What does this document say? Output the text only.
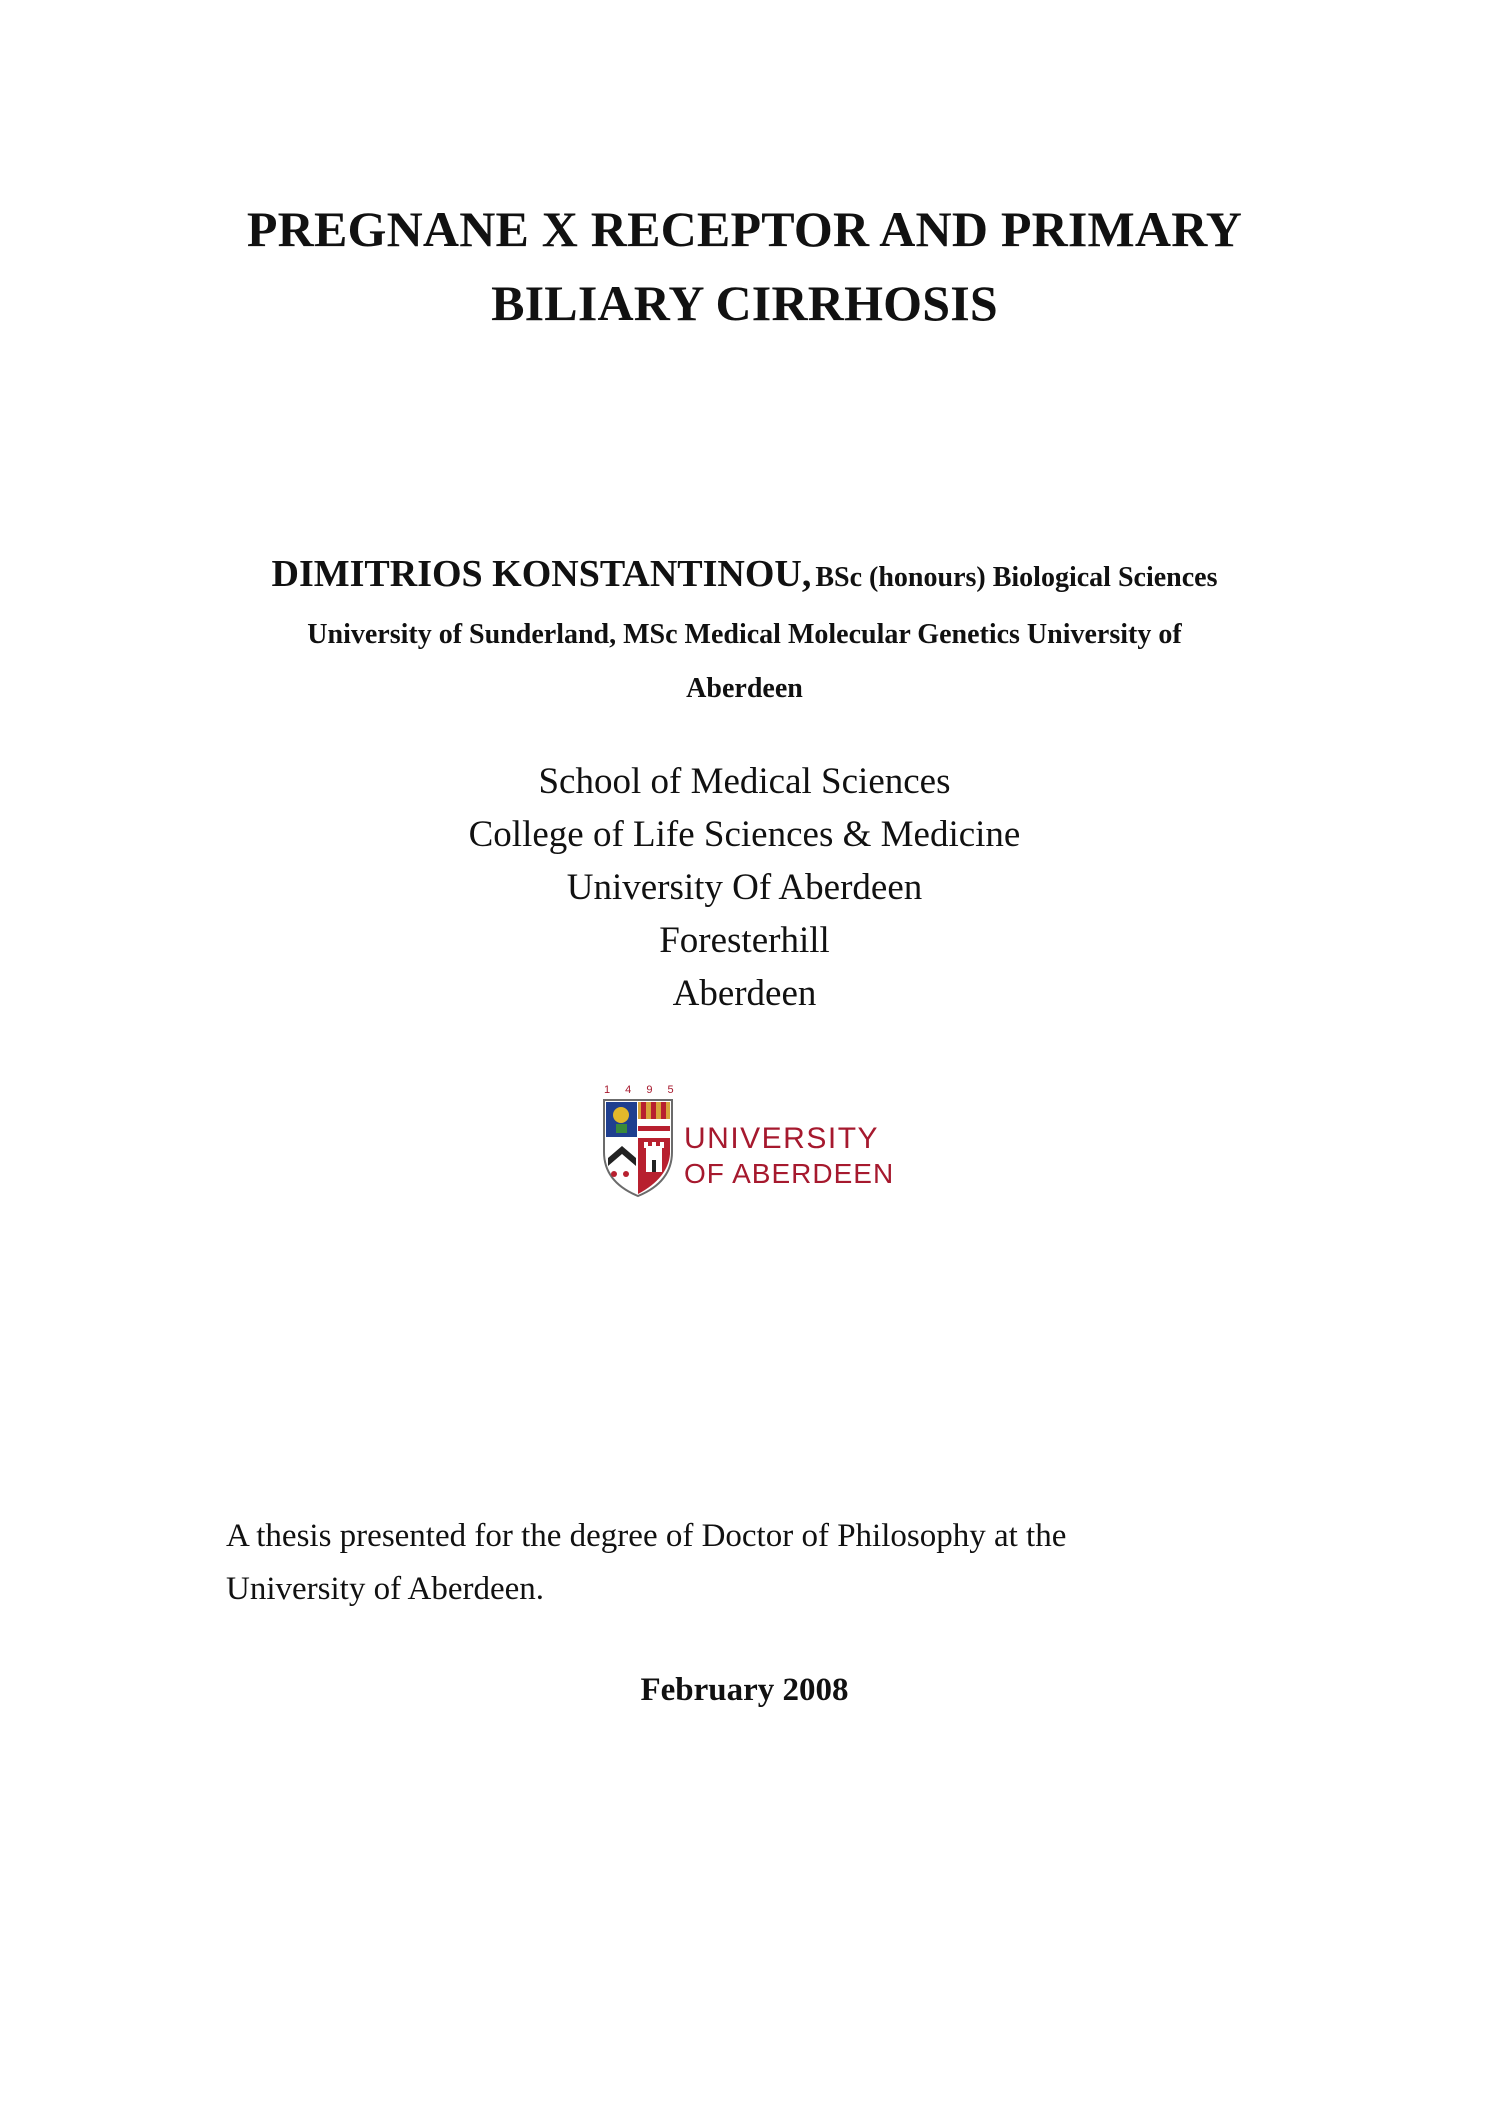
PREGNANE X RECEPTOR AND PRIMARY
BILIARY CIRRHOSIS
DIMITRIOS KONSTANTINOU, BSc (honours) Biological Sciences
University of Sunderland, MSc Medical Molecular Genetics University of
Aberdeen
School of Medical Sciences
College of Life Sciences & Medicine
University Of Aberdeen
Foresterhill
Aberdeen
1 4 9 5
UNIVERSITY
OF ABERDEEN
A thesis presented for the degree of Doctor of Philosophy at the
University of Aberdeen.
February 2008
